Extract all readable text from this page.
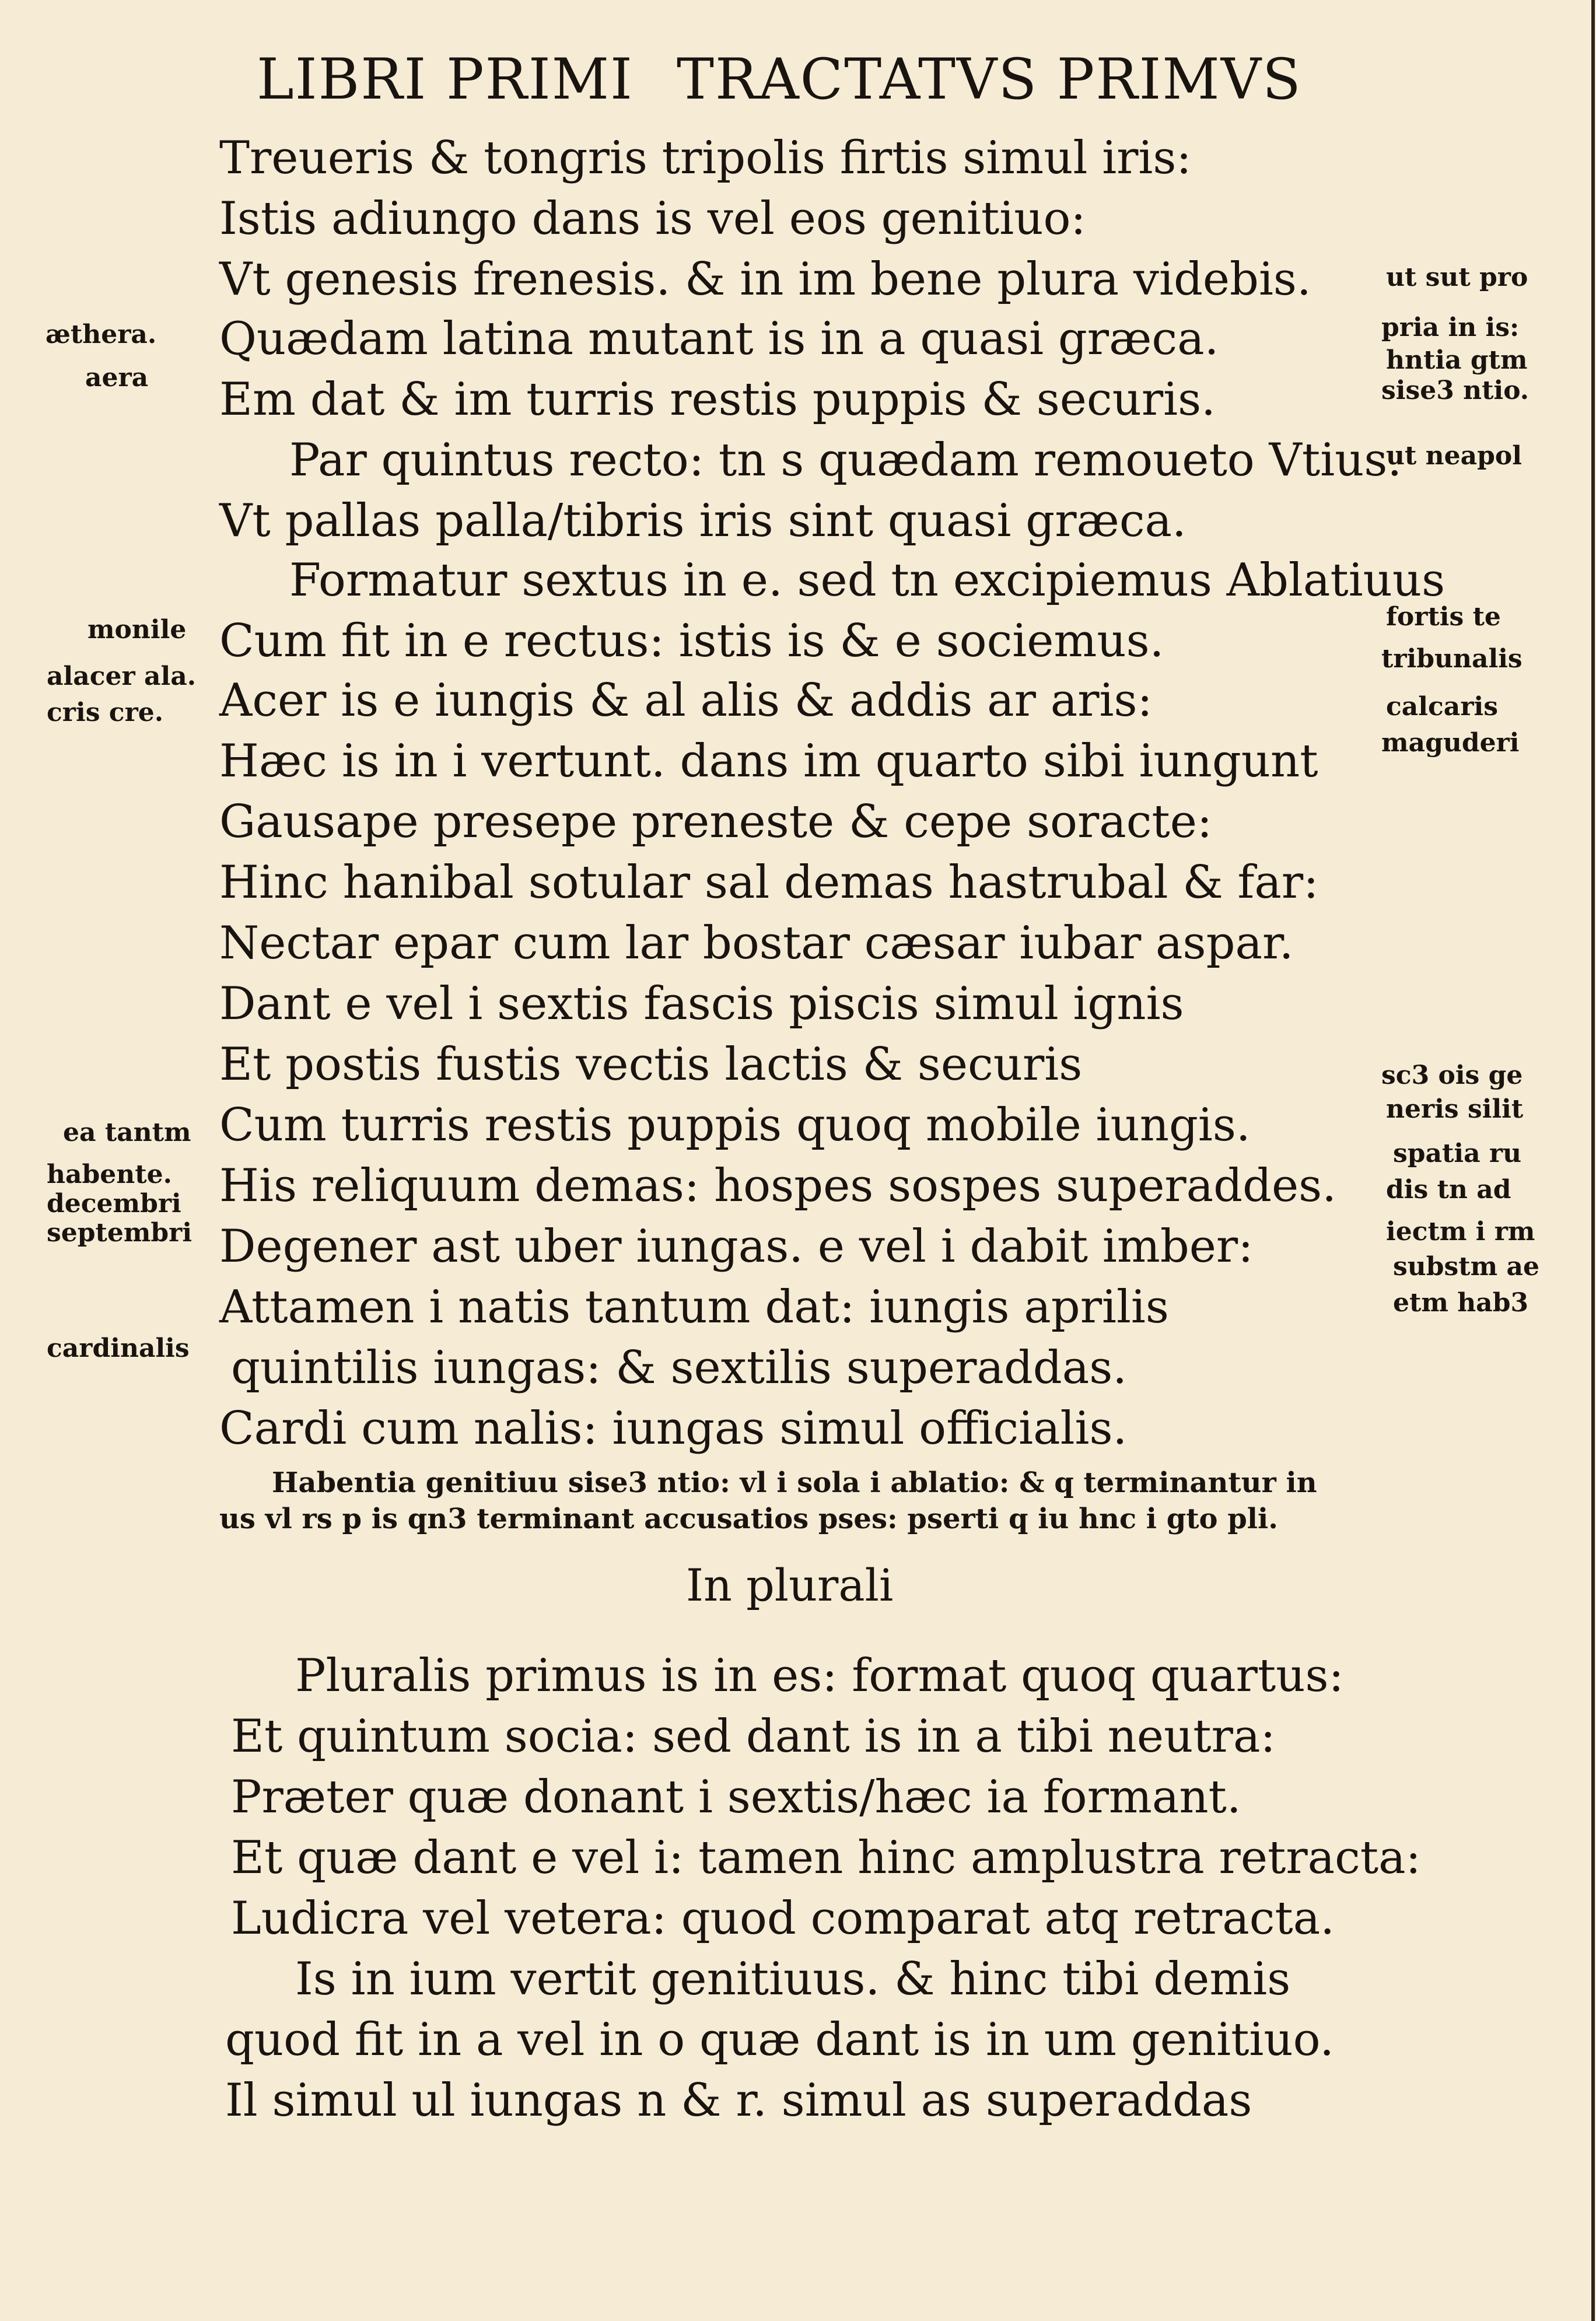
LIBRI PRIMI TRACTATVS PRIMVS
Treueris & tongris tripolis firtis simul iris:
Istis adiungo dans is vel eos genitiuo:
Vt genesis frenesis. & in im bene plura videbis.
Quædam latina mutant is in a quasi græca.
Em dat & im turris restis puppis & securis.
Par quintus recto: tn s quædam remoueto Vtius.
Vt pallas palla/tibris iris sint quasi græca.
Formatur sextus in e. sed tn excipiemus Ablatiuus
Cum fit in e rectus: istis is & e sociemus.
Acer is e iungis & al alis & addis ar aris:
Hæc is in i vertunt. dans im quarto sibi iungunt
Gausape presepe preneste & cepe soracte:
Hinc hanibal sotular sal demas hastrubal & far:
Nectar epar cum lar bostar cæsar iubar aspar.
Dant e vel i sextis fascis piscis simul ignis
Et postis fustis vectis lactis & securis
Cum turris restis puppis quoq mobile iungis.
His reliquum demas: hospes sospes superaddes.
Degener ast uber iungas. e vel i dabit imber:
Attamen i natis tantum dat: iungis aprilis
quintilis iungas: & sextilis superaddas.
Cardi cum nalis: iungas simul officialis.
Habentia genitiuu sise3 ntio: vl i sola i ablatio: & q terminantur in
us vl rs p is qn3 terminant accusatios pses: pserti q iu hnc i gto pli.
In plurali
Pluralis primus is in es: format quoq quartus:
Et quintum socia: sed dant is in a tibi neutra:
Præter quæ donant i sextis/hæc ia formant.
Et quæ dant e vel i: tamen hinc amplustra retracta:
Ludicra vel vetera: quod comparat atq retracta.
Is in ium vertit genitiuus. & hinc tibi demis
quod fit in a vel in o quæ dant is in um genitiuo.
Il simul ul iungas n & r. simul as superaddas
æthera.
aera
monile
alacer ala.
cris cre.
ea tantm
habente.
decembri
septembri
cardinalis
ut sut pro
pria in is:
hntia gtm
sise3 ntio.
ut neapol
fortis te
tribunalis
calcaris
maguderi
sc3 ois ge
neris silit
spatia ru
dis tn ad
iectm i rm
substm ae
etm hab3
